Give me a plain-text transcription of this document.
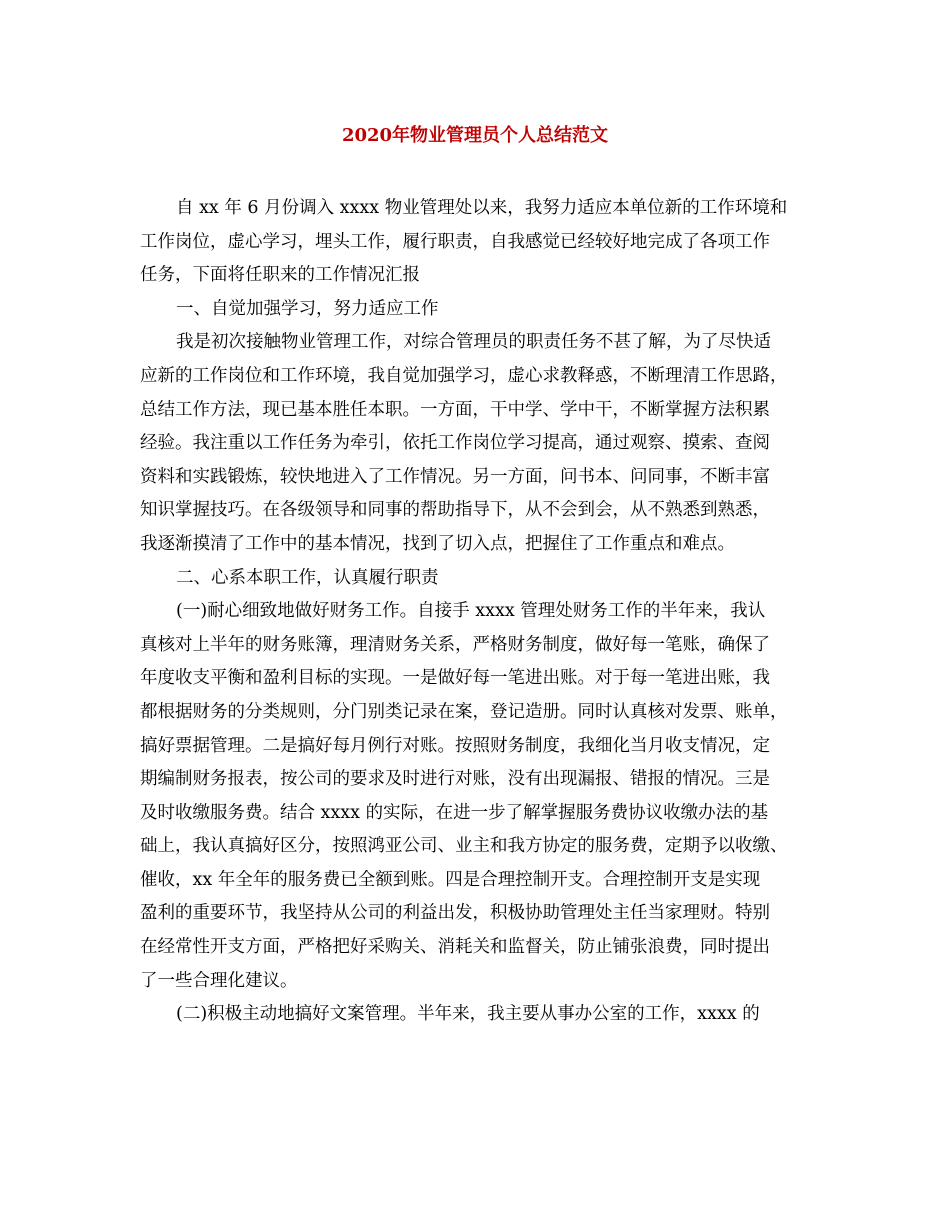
2020年物业管理员个人总结范文
自 xx 年 6 月份调入 xxxx 物业管理处以来，我努力适应本单位新的工作环境和
工作岗位，虚心学习，埋头工作，履行职责，自我感觉已经较好地完成了各项工作
任务，下面将任职来的工作情况汇报
一、自觉加强学习，努力适应工作
我是初次接触物业管理工作，对综合管理员的职责任务不甚了解，为了尽快适
应新的工作岗位和工作环境，我自觉加强学习，虚心求教释惑，不断理清工作思路，
总结工作方法，现已基本胜任本职。一方面，干中学、学中干，不断掌握方法积累
经验。我注重以工作任务为牵引，依托工作岗位学习提高，通过观察、摸索、查阅
资料和实践锻炼，较快地进入了工作情况。另一方面，问书本、问同事，不断丰富
知识掌握技巧。在各级领导和同事的帮助指导下，从不会到会，从不熟悉到熟悉，
我逐渐摸清了工作中的基本情况，找到了切入点，把握住了工作重点和难点。
二、心系本职工作，认真履行职责
(一)耐心细致地做好财务工作。自接手 xxxx 管理处财务工作的半年来，我认
真核对上半年的财务账簿，理清财务关系，严格财务制度，做好每一笔账，确保了
年度收支平衡和盈利目标的实现。一是做好每一笔进出账。对于每一笔进出账，我
都根据财务的分类规则，分门别类记录在案，登记造册。同时认真核对发票、账单，
搞好票据管理。二是搞好每月例行对账。按照财务制度，我细化当月收支情况，定
期编制财务报表，按公司的要求及时进行对账，没有出现漏报、错报的情况。三是
及时收缴服务费。结合 xxxx 的实际，在进一步了解掌握服务费协议收缴办法的基
础上，我认真搞好区分，按照鸿亚公司、业主和我方协定的服务费，定期予以收缴、
催收，xx 年全年的服务费已全额到账。四是合理控制开支。合理控制开支是实现
盈利的重要环节，我坚持从公司的利益出发，积极协助管理处主任当家理财。特别
在经常性开支方面，严格把好采购关、消耗关和监督关，防止铺张浪费，同时提出
了一些合理化建议。
(二)积极主动地搞好文案管理。半年来，我主要从事办公室的工作，xxxx 的
